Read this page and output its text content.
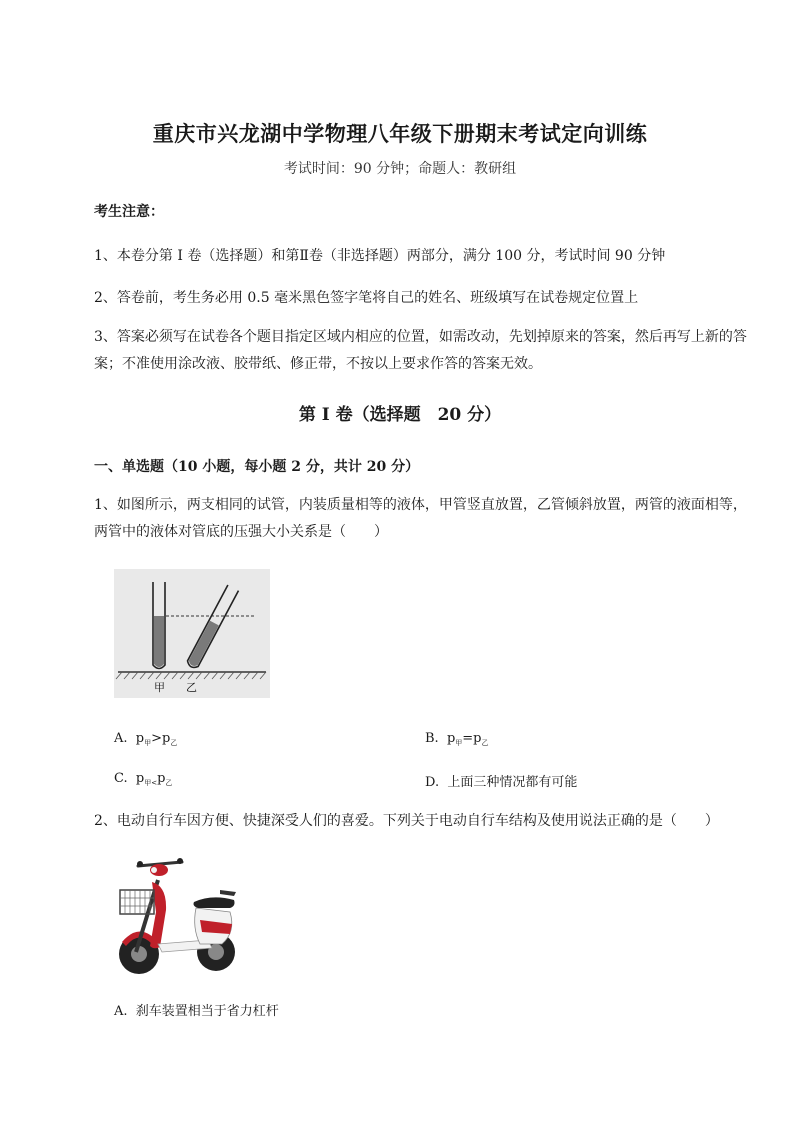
重庆市兴龙湖中学物理八年级下册期末考试定向训练
考试时间：90 分钟；命题人：教研组
考生注意：
1、本卷分第 I 卷（选择题）和第Ⅱ卷（非选择题）两部分，满分 100 分，考试时间 90 分钟
2、答卷前，考生务必用 0.5 毫米黑色签字笔将自己的姓名、班级填写在试卷规定位置上
3、答案必须写在试卷各个题目指定区域内相应的位置，如需改动，先划掉原来的答案，然后再写上新的答案；不准使用涂改液、胶带纸、修正带，不按以上要求作答的答案无效。
第 I 卷（选择题　20 分）
一、单选题（10 小题，每小题 2 分，共计 20 分）
1、如图所示，两支相同的试管，内装质量相等的液体，甲管竖直放置，乙管倾斜放置，两管的液面相等，两管中的液体对管底的压强大小关系是（　　）
甲 乙
A. $p_甲>p_乙$	B. $p_甲=p_乙$
C. $p_{甲<}p_乙$	D. 上面三种情况都有可能
2、电动自行车因方便、快捷深受人们的喜爱。下列关于电动自行车结构及使用说法正确的是（　　）
A. 刹车装置相当于省力杠杆
